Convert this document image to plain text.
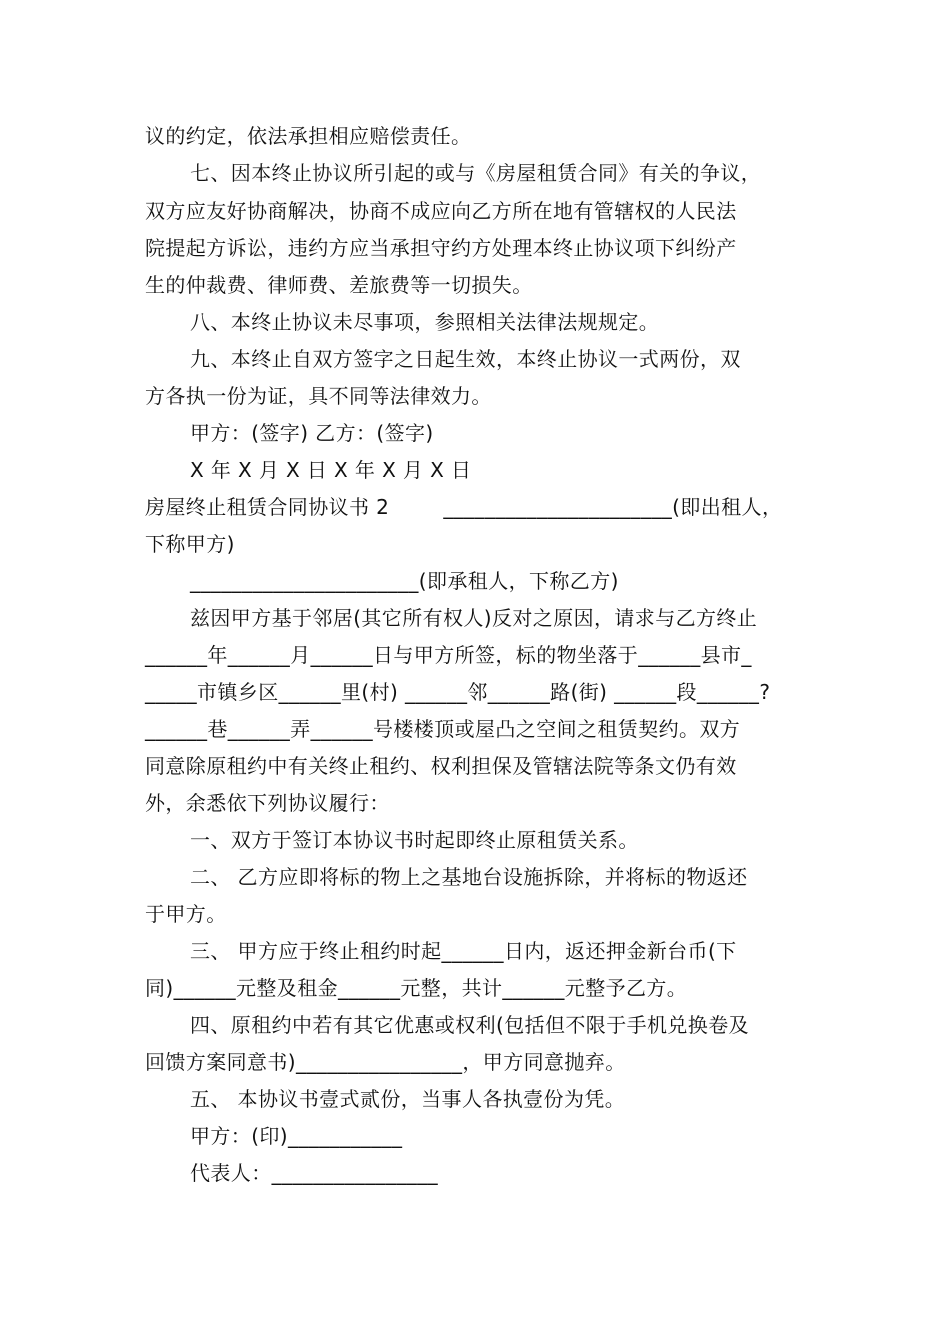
议的约定，依法承担相应赔偿责任。
七、因本终止协议所引起的或与《房屋租赁合同》有关的争议，
双方应友好协商解决，协商不成应向乙方所在地有管辖权的人民法
院提起方诉讼，违约方应当承担守约方处理本终止协议项下纠纷产
生的仲裁费、律师费、差旅费等一切损失。
八、本终止协议未尽事项，参照相关法律法规规定。
九、本终止自双方签字之日起生效，本终止协议一式两份，双
方各执一份为证，具不同等法律效力。
甲方：(签字) 乙方：(签字)
X 年 X 月 X 日 X 年 X 月 X 日
房屋终止租赁合同协议书 2        ______________________(即出租人，
下称甲方)
______________________(即承租人，下称乙方)
兹因甲方基于邻居(其它所有权人)反对之原因，请求与乙方终止
______年______月______日与甲方所签，标的物坐落于______县市_
_____市镇乡区______里(村) ______邻______路(街) ______段______?
______巷______弄______号楼楼顶或屋凸之空间之租赁契约。双方
同意除原租约中有关终止租约、权利担保及管辖法院等条文仍有效
外，余悉依下列协议履行：
一、双方于签订本协议书时起即终止原租赁关系。
二、 乙方应即将标的物上之基地台设施拆除，并将标的物返还
于甲方。
三、 甲方应于终止租约时起______日内，返还押金新台币(下
同)______元整及租金______元整，共计______元整予乙方。
四、原租约中若有其它优惠或权利(包括但不限于手机兑换卷及
回馈方案同意书)________________，甲方同意抛弃。
五、 本协议书壹式贰份，当事人各执壹份为凭。
甲方：(印)___________
代表人：________________
